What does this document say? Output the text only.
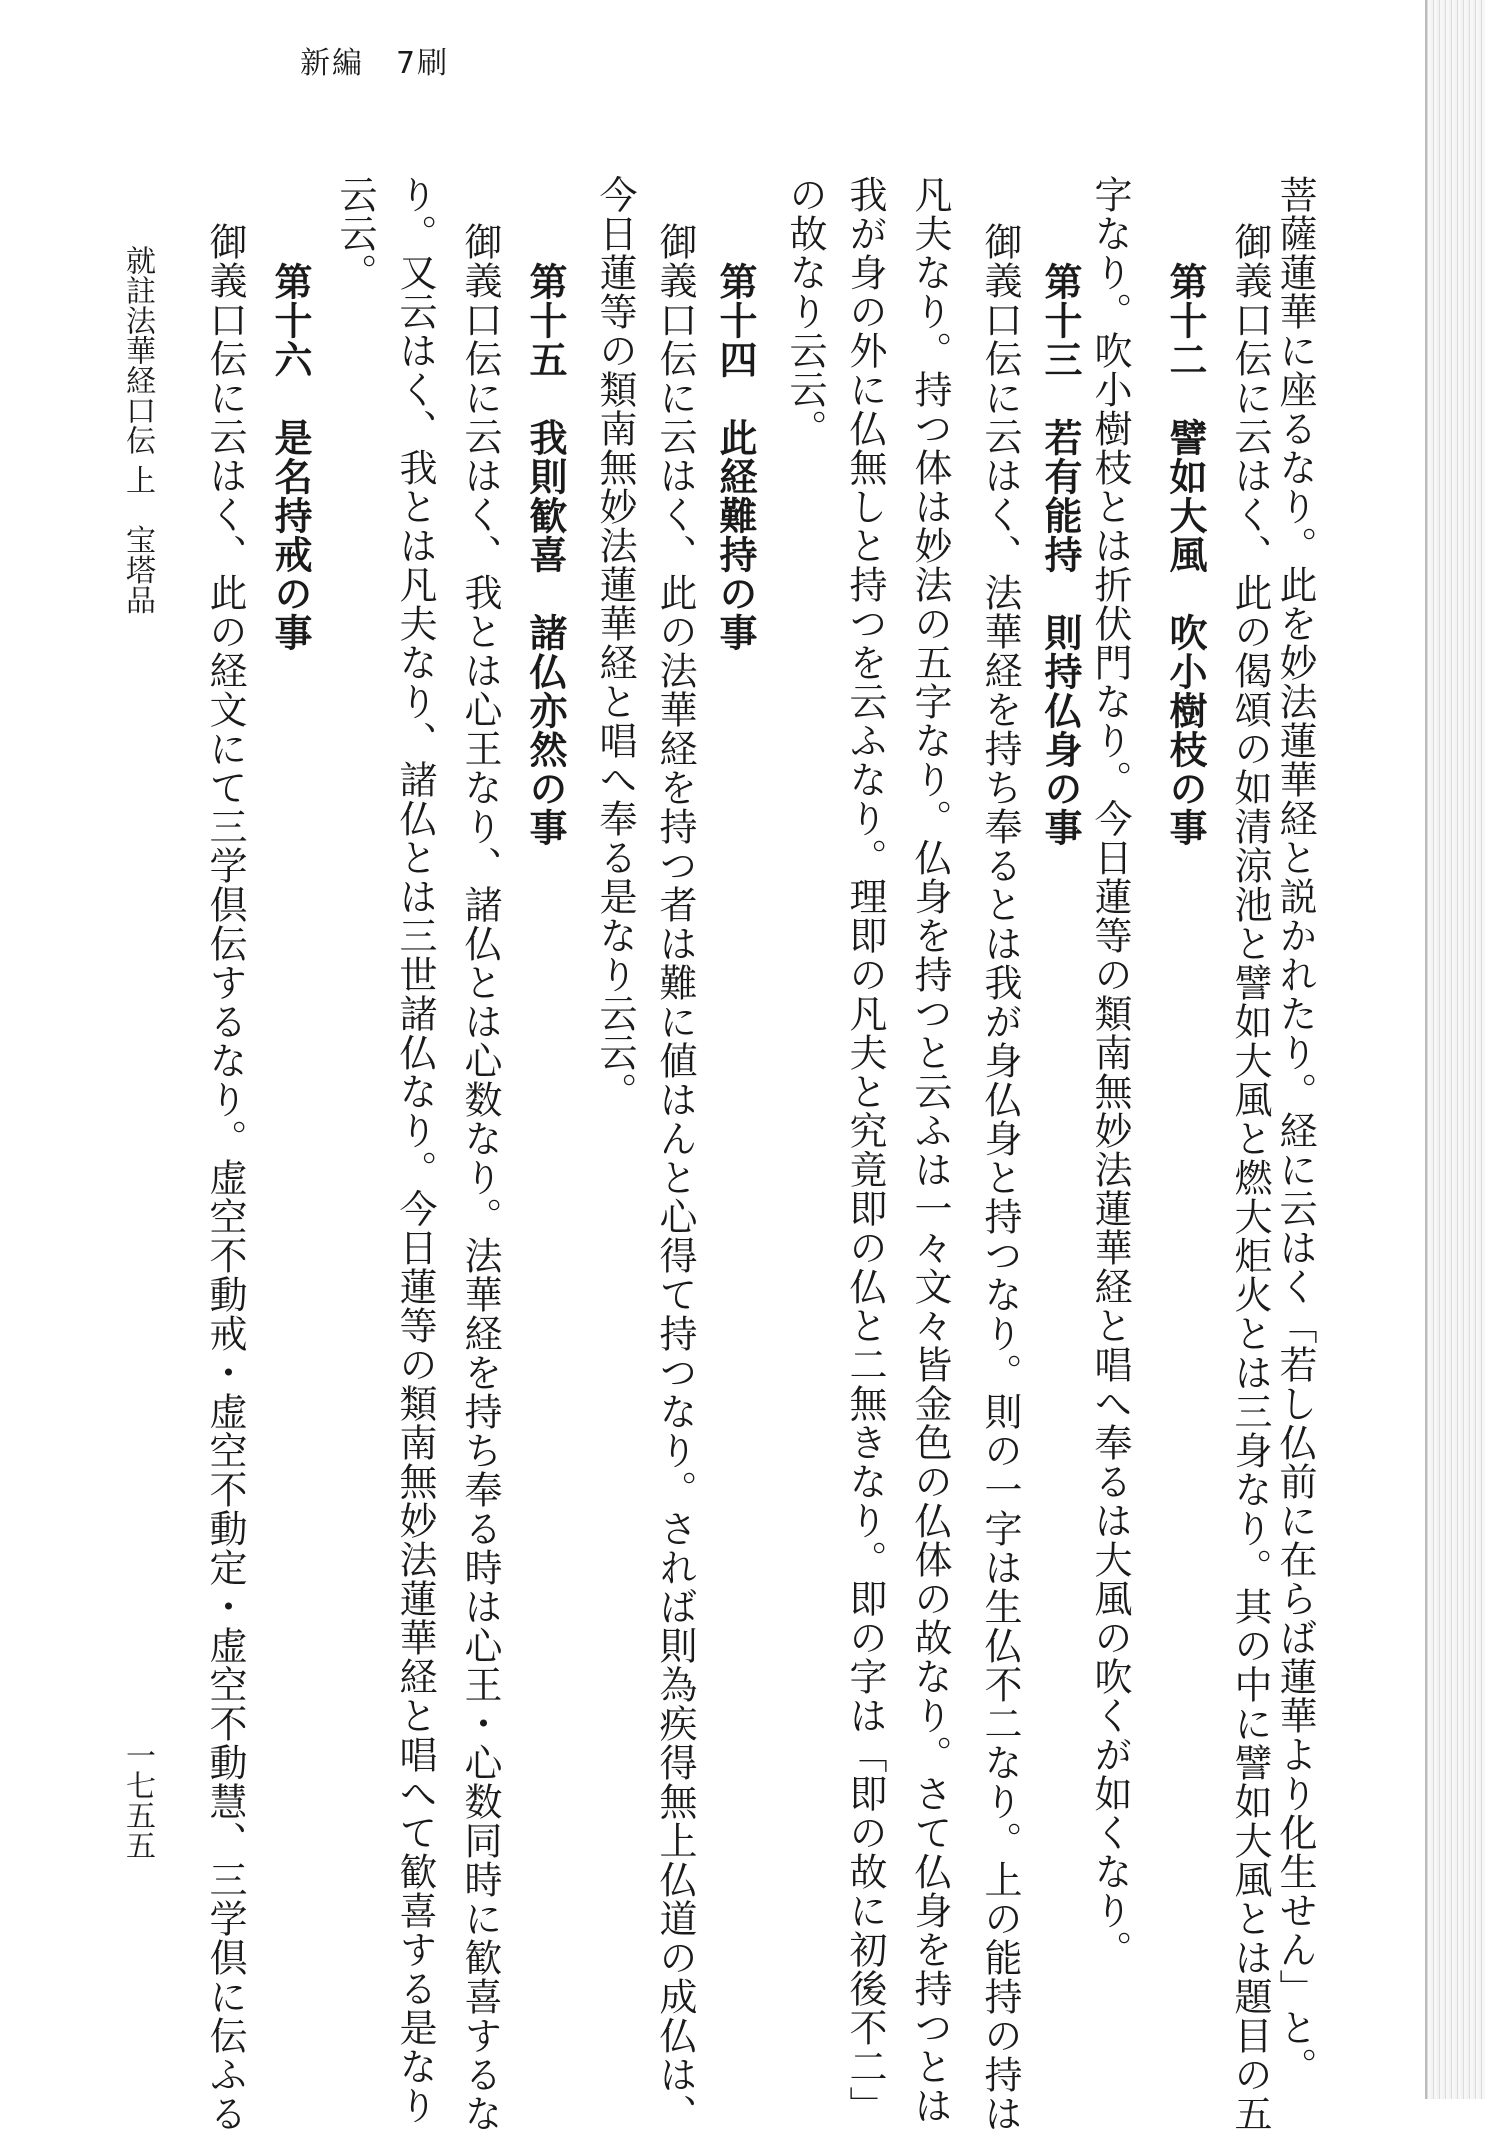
新編　7刷
菩薩蓮華に座るなり。此を妙法蓮華経と説かれたり。経に云はく「若し仏前に在らば蓮華より化生せん」と。
御義口伝に云はく、此の偈頌の如清涼池と譬如大風と燃大炬火とは三身なり。其の中に譬如大風とは題目の五
字なり。吹小樹枝とは折伏門なり。今日蓮等の類南無妙法蓮華経と唱へ奉るは大風の吹くが如くなり。 第十二　譬如大風　吹小樹枝の事
御義口伝に云はく、法華経を持ち奉るとは我が身仏身と持つなり。則の一字は生仏不二なり。上の能持の持は
凡夫なり。持つ体は妙法の五字なり。仏身を持つと云ふは一々文々皆金色の仏体の故なり。さて仏身を持つとは
我が身の外に仏無しと持つを云ふなり。理即の凡夫と究竟即の仏と二無きなり。即の字は「即の故に初後不二」
の故なり云云。	第十三　若有能持　則持仏身の事
御義口伝に云はく、此の法華経を持つ者は難に値はんと心得て持つなり。されば則為疾得無上仏道の成仏は、
今日蓮等の類南無妙法蓮華経と唱へ奉る是なり云云。 第十四　此経難持の事
御義口伝に云はく、我とは心王なり、諸仏とは心数なり。法華経を持ち奉る時は心王・心数同時に歓喜するな
り。又云はく、我とは凡夫なり、諸仏とは三世諸仏なり。今日蓮等の類南無妙法蓮華経と唱へて歓喜する是なり
云云。
第十五　我則歓喜　諸仏亦然の事
御義口伝に云はく、此の経文にて三学倶伝するなり。虚空不動戒・虚空不動定・虚空不動慧、三学倶に伝ふる 第十六　是名持戒の事
就註法華経口伝 上　宝塔品
一七五五
